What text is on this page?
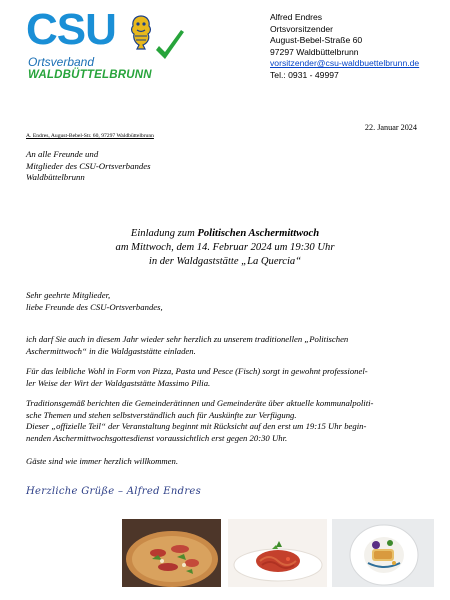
CSU
Ortsverband
WALDBÜTTELBRUNN
Alfred Endres
Ortsvorsitzender
August-Bebel-Straße 60
97297 Waldbüttelbrunn
vorsitzender@csu-waldbuettelbrunn.de
Tel.: 0931 - 49997
22. Januar 2024
A. Endres, August-Bebel-Str. 60, 97297 Waldbüttelbrunn
An alle Freunde und
Mitglieder des CSU-Ortsverbandes
Waldbüttelbrunn
Einladung zum Politischen Aschermittwoch
am Mittwoch, dem 14. Februar 2024 um 19:30 Uhr
in der Waldgaststätte „La Quercia“
Sehr geehrte Mitglieder,
liebe Freunde des CSU-Ortsverbandes,
ich darf Sie auch in diesem Jahr wieder sehr herzlich zu unserem traditionellen „Politischen
Aschermittwoch“ in die Waldgaststätte einladen.
Für das leibliche Wohl in Form von Pizza, Pasta und Pesce (Fisch) sorgt in gewohnt professionel-
ler Weise der Wirt der Waldgaststätte Massimo Pilia.
Traditionsgemäß berichten die Gemeinderätinnen und Gemeinderäte über aktuelle kommunalpoliti-
sche Themen und stehen selbstverständlich auch für Auskünfte zur Verfügung.
Dieser „offizielle Teil“ der Veranstaltung beginnt mit Rücksicht auf den erst um 19:15 Uhr begin-
nenden Aschermittwochsgottesdienst voraussichtlich erst gegen 20:30 Uhr.
Gäste sind wie immer herzlich willkommen.
Herzliche Grüße – Alfred Endres
